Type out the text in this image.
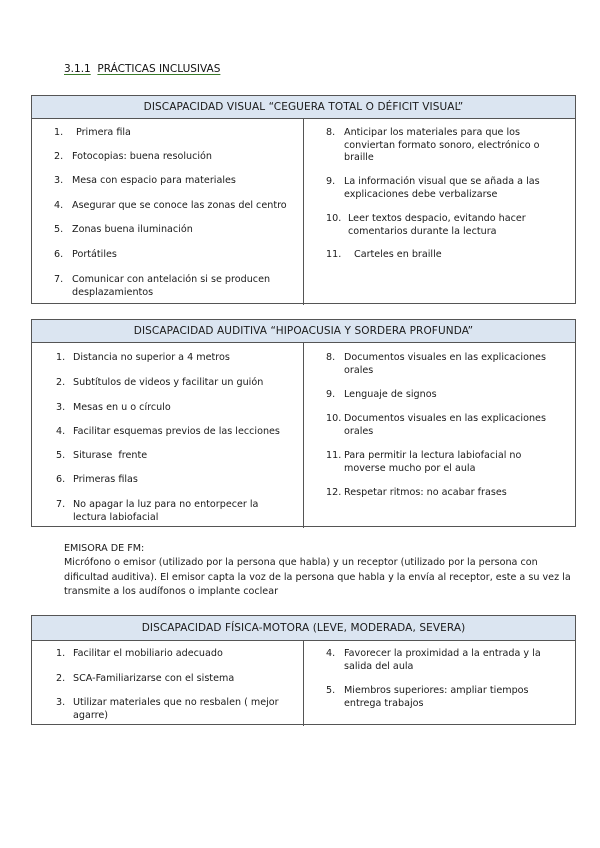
3.1.1 PRÁCTICAS INCLUSIVAS
DISCAPACIDAD VISUAL “CEGUERA TOTAL O DÉFICIT VISUAL”
1. Primera fila
2. Fotocopias: buena resolución
3. Mesa con espacio para materiales
4. Asegurar que se conoce las zonas del centro
5. Zonas buena iluminación
6. Portátiles
7. Comunicar con antelación si se producen desplazamientos
8. Anticipar los materiales para que los conviertan formato sonoro, electrónico o braille
9. La información visual que se añada a las explicaciones debe verbalizarse
10. Leer textos despacio, evitando hacer comentarios durante la lectura
11. Carteles en braille
DISCAPACIDAD AUDITIVA “HIPOACUSIA Y SORDERA PROFUNDA”
1. Distancia no superior a 4 metros
2. Subtítulos de videos y facilitar un guión
3. Mesas en u o círculo
4. Facilitar esquemas previos de las lecciones
5. Siturase  frente
6. Primeras filas
7. No apagar la luz para no entorpecer la lectura labiofacial
8. Documentos visuales en las explicaciones orales
9. Lenguaje de signos
10. Documentos visuales en las explicaciones orales
11. Para permitir la lectura labiofacial no moverse mucho por el aula
12. Respetar ritmos: no acabar frases
EMISORA DE FM:
Micrófono o emisor (utilizado por la persona que habla) y un receptor (utilizado por la persona con dificultad auditiva). El emisor capta la voz de la persona que habla y la envía al receptor, este a su vez la transmite a los audífonos o implante coclear
DISCAPACIDAD FÍSICA-MOTORA (LEVE, MODERADA, SEVERA)
1. Facilitar el mobiliario adecuado
2. SCA-Familiarizarse con el sistema
3. Utilizar materiales que no resbalen ( mejor agarre)
4. Favorecer la proximidad a la entrada y la salida del aula
5. Miembros superiores: ampliar tiempos entrega trabajos
